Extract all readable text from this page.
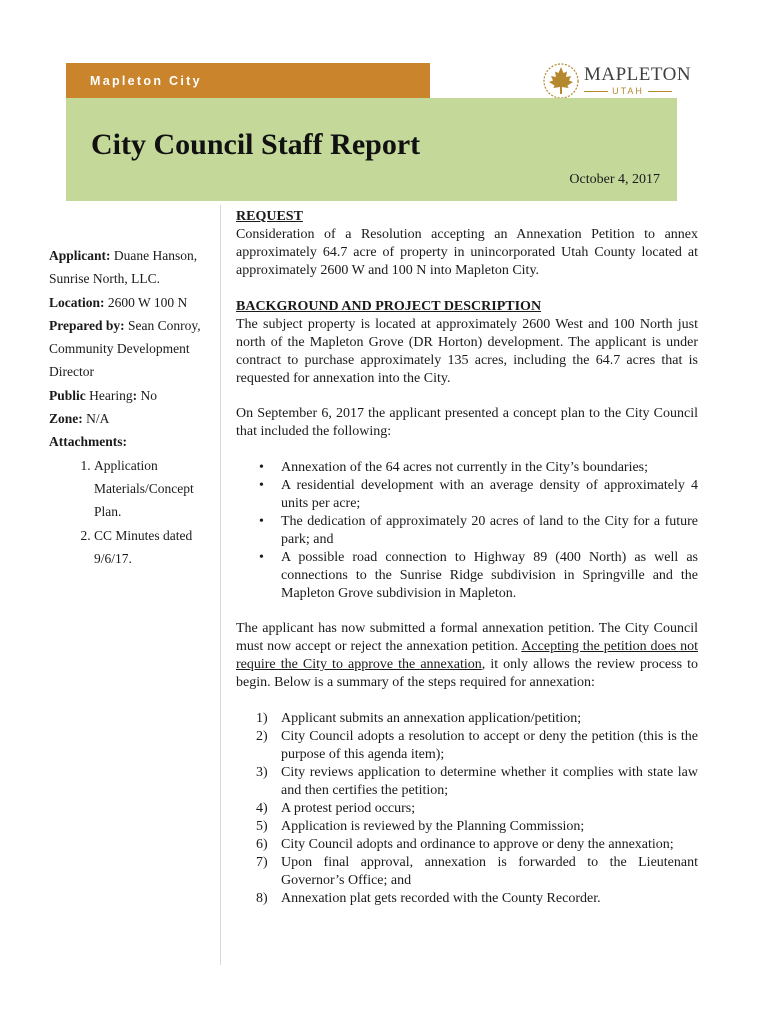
Mapleton City	MAPLETON
UTAH
City Council Staff Report
October 4, 2017

Applicant: Duane Hanson, Sunrise North, LLC.

Location: 2600 W 100 N

Prepared by: Sean Conroy, Community Development Director

Public Hearing: No

Zone: N/A

Attachments:

1. Application Materials/Concept Plan.
2. CC Minutes dated 9/6/17.

REQUEST

Consideration of a Resolution accepting an Annexation Petition to annex approximately 64.7 acre of property in unincorporated Utah County located at approximately 2600 W and 100 N into Mapleton City.

BACKGROUND AND PROJECT DESCRIPTION

The subject property is located at approximately 2600 West and 100 North just north of the Mapleton Grove (DR Horton) development. The applicant is under contract to purchase approximately 135 acres, including the 64.7 acres that is requested for annexation into the City.

On September 6, 2017 the applicant presented a concept plan to the City Council that included the following:

• Annexation of the 64 acres not currently in the City’s boundaries;
• A residential development with an average density of approximately 4 units per acre;
• The dedication of approximately 20 acres of land to the City for a future park; and
• A possible road connection to Highway 89 (400 North) as well as connections to the Sunrise Ridge subdivision in Springville and the Mapleton Grove subdivision in Mapleton.

The applicant has now submitted a formal annexation petition. The City Council must now accept or reject the annexation petition. Accepting the petition does not require the City to approve the annexation, it only allows the review process to begin. Below is a summary of the steps required for annexation:

1) Applicant submits an annexation application/petition;
2) City Council adopts a resolution to accept or deny the petition (this is the purpose of this agenda item);
3) City reviews application to determine whether it complies with state law and then certifies the petition;
4) A protest period occurs;
5) Application is reviewed by the Planning Commission;
6) City Council adopts and ordinance to approve or deny the annexation;
7) Upon final approval, annexation is forwarded to the Lieutenant Governor’s Office; and
8) Annexation plat gets recorded with the County Recorder.
